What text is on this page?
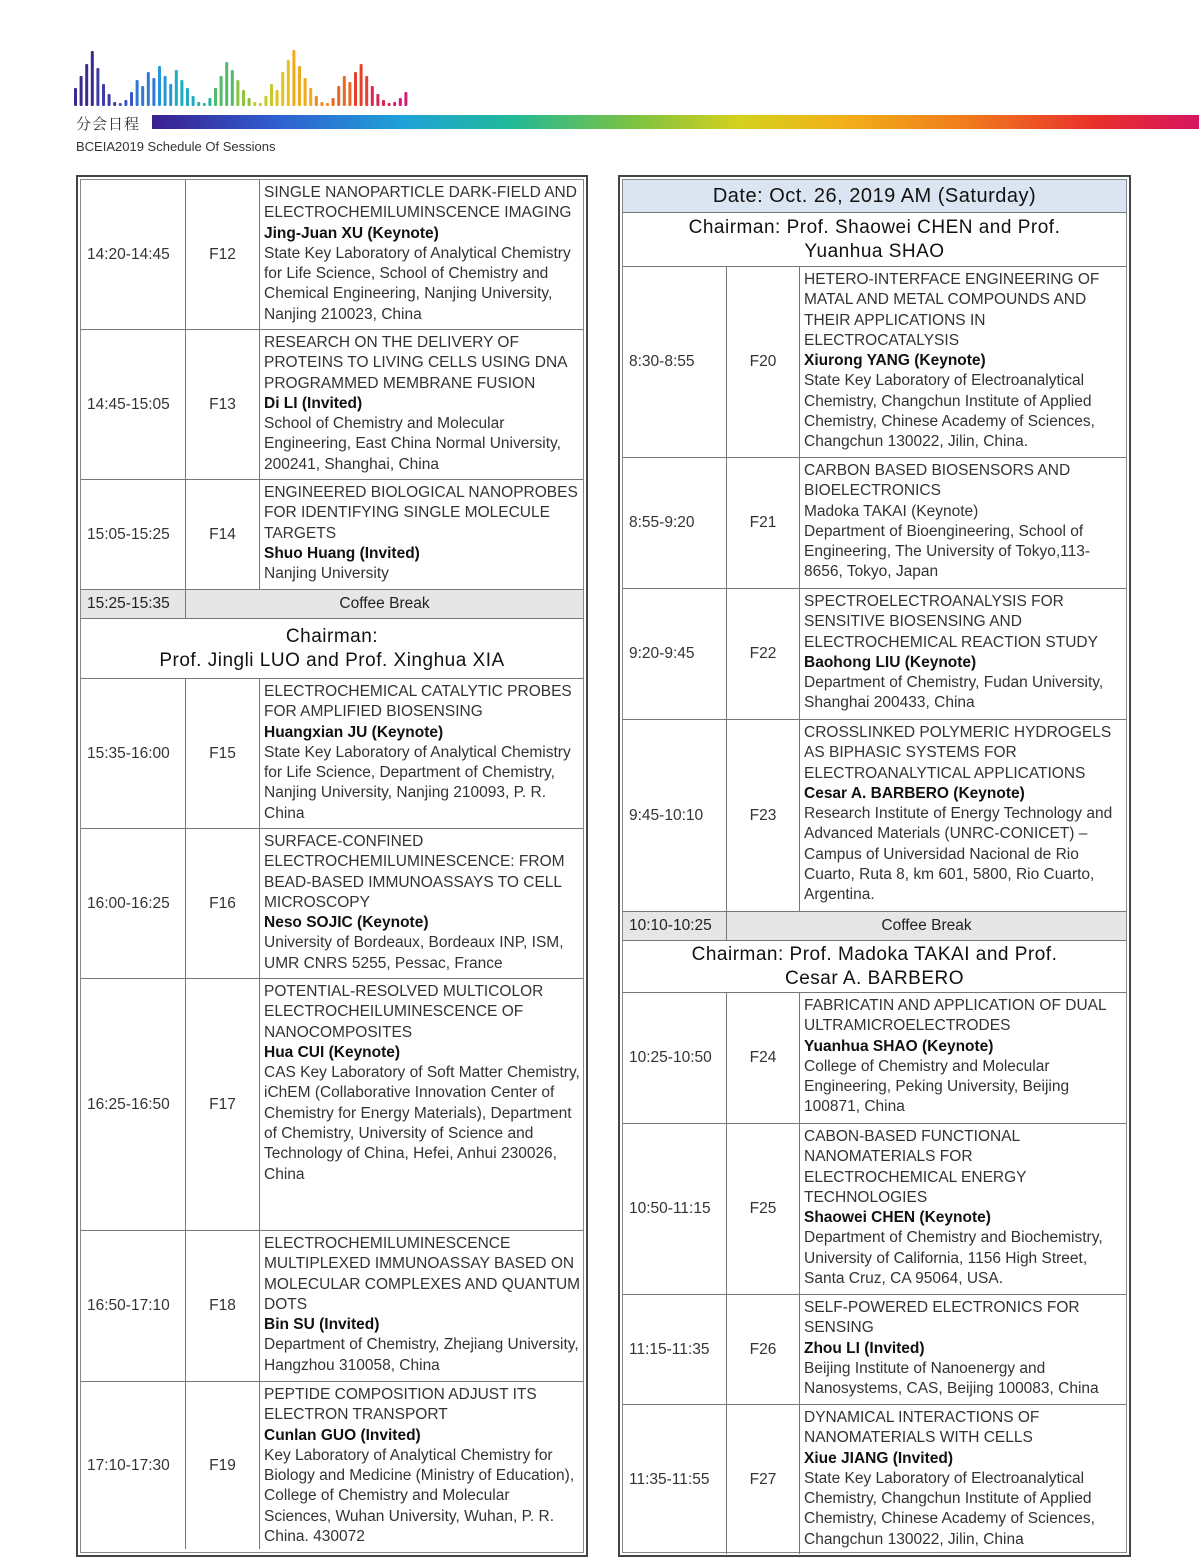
分会日程
BCEIA2019 Schedule Of Sessions
14:20-14:45	F12
SINGLE NANOPARTICLE DARK-FIELD AND ELECTROCHEMILUMINSCENCE IMAGING
Jing-Juan XU (Keynote)
State Key Laboratory of Analytical Chemistry for Life Science, School of Chemistry and Chemical Engineering, Nanjing University, Nanjing 210023, China
14:45-15:05	F13
RESEARCH ON THE DELIVERY OF PROTEINS TO LIVING CELLS USING DNA PROGRAMMED MEMBRANE FUSION
Di LI (Invited)
School of Chemistry and Molecular Engineering, East China Normal University, 200241, Shanghai, China
15:05-15:25	F14
ENGINEERED BIOLOGICAL NANOPROBES FOR IDENTIFYING SINGLE MOLECULE TARGETS
Shuo Huang (Invited)
Nanjing University
15:25-15:35	Coffee Break
Chairman:
Prof. Jingli LUO and Prof. Xinghua XIA
15:35-16:00	F15
ELECTROCHEMICAL CATALYTIC PROBES FOR AMPLIFIED BIOSENSING
Huangxian JU (Keynote)
State Key Laboratory of Analytical Chemistry for Life Science, Department of Chemistry, Nanjing University, Nanjing 210093, P. R. China
16:00-16:25	F16
SURFACE-CONFINED ELECTROCHEMILUMINESCENCE: FROM BEAD-BASED IMMUNOASSAYS TO CELL MICROSCOPY
Neso SOJIC (Keynote)
University of Bordeaux, Bordeaux INP, ISM, UMR CNRS 5255, Pessac, France
16:25-16:50	F17
POTENTIAL-RESOLVED MULTICOLOR ELECTROCHEILUMINESCENCE OF NANOCOMPOSITES
Hua CUI (Keynote)
CAS Key Laboratory of Soft Matter Chemistry, iChEM (Collaborative Innovation Center of Chemistry for Energy Materials), Department of Chemistry, University of Science and Technology of China, Hefei, Anhui 230026, China
16:50-17:10	F18
ELECTROCHEMILUMINESCENCE MULTIPLEXED IMMUNOASSAY BASED ON MOLECULAR COMPLEXES AND QUANTUM DOTS
Bin SU (Invited)
Department of Chemistry, Zhejiang University, Hangzhou 310058, China
17:10-17:30	F19
PEPTIDE COMPOSITION ADJUST ITS ELECTRON TRANSPORT
Cunlan GUO (Invited)
Key Laboratory of Analytical Chemistry for Biology and Medicine (Ministry of Education), College of Chemistry and Molecular Sciences, Wuhan University, Wuhan, P. R. China. 430072
Date: Oct. 26, 2019 AM (Saturday)
Chairman: Prof. Shaowei CHEN and Prof.
Yuanhua SHAO
8:30-8:55	F20
HETERO-INTERFACE ENGINEERING OF MATAL AND METAL COMPOUNDS AND THEIR APPLICATIONS IN ELECTROCATALYSIS
Xiurong YANG (Keynote)
State Key Laboratory of Electroanalytical Chemistry, Changchun Institute of Applied Chemistry, Chinese Academy of Sciences, Changchun 130022, Jilin, China.
8:55-9:20	F21
CARBON BASED BIOSENSORS AND BIOELECTRONICS
Madoka TAKAI (Keynote)
Department of Bioengineering, School of Engineering, The University of Tokyo,113-8656, Tokyo, Japan
9:20-9:45	F22
SPECTROELECTROANALYSIS FOR SENSITIVE BIOSENSING AND ELECTROCHEMICAL REACTION STUDY
Baohong LIU (Keynote)
Department of Chemistry, Fudan University, Shanghai 200433, China
9:45-10:10	F23
CROSSLINKED POLYMERIC HYDROGELS AS BIPHASIC SYSTEMS FOR ELECTROANALYTICAL APPLICATIONS
Cesar A. BARBERO (Keynote)
Research Institute of Energy Technology and Advanced Materials (UNRC-CONICET) – Campus of Universidad Nacional de Rio Cuarto, Ruta 8, km 601, 5800, Rio Cuarto, Argentina.
10:10-10:25	Coffee Break
Chairman: Prof. Madoka TAKAI and Prof.
Cesar A. BARBERO
10:25-10:50	F24
FABRICATIN AND APPLICATION OF DUAL ULTRAMICROELECTRODES
Yuanhua SHAO (Keynote)
College of Chemistry and Molecular Engineering, Peking University, Beijing 100871, China
10:50-11:15	F25
CABON-BASED FUNCTIONAL NANOMATERIALS FOR ELECTROCHEMICAL ENERGY TECHNOLOGIES
Shaowei CHEN (Keynote)
Department of Chemistry and Biochemistry, University of California, 1156 High Street, Santa Cruz, CA 95064, USA.
11:15-11:35	F26
SELF-POWERED ELECTRONICS FOR SENSING
Zhou LI (Invited)
Beijing Institute of Nanoenergy and Nanosystems, CAS, Beijing 100083, China
11:35-11:55	F27
DYNAMICAL INTERACTIONS OF NANOMATERIALS WITH CELLS
Xiue JIANG (Invited)
State Key Laboratory of Electroanalytical Chemistry, Changchun Institute of Applied Chemistry, Chinese Academy of Sciences, Changchun 130022, Jilin, China
